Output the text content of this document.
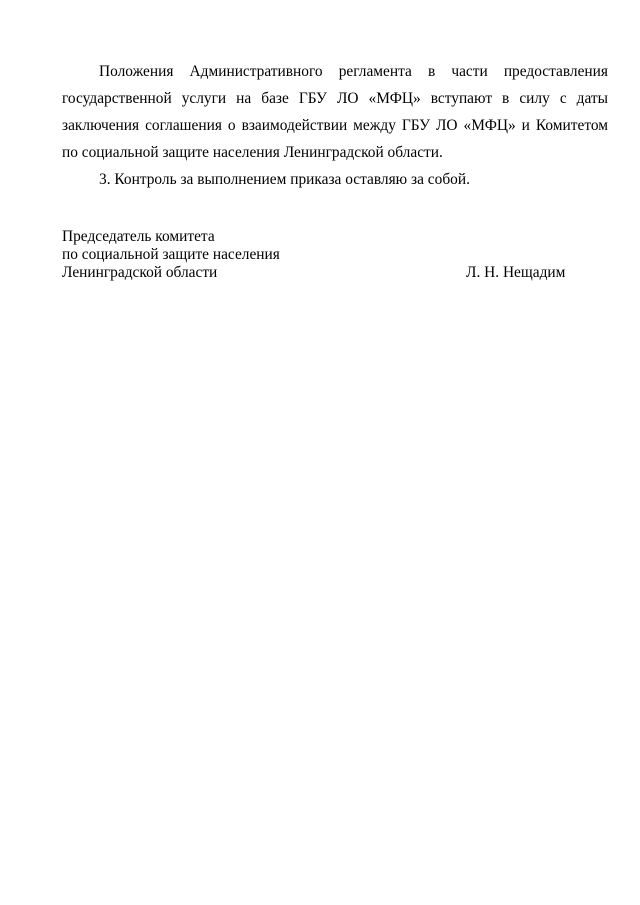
Положения Административного регламента в части предоставления государственной услуги на базе ГБУ ЛО «МФЦ» вступают в силу с даты заключения соглашения о взаимодействии между ГБУ ЛО «МФЦ» и Комитетом по социальной защите населения Ленинградской области.

3. Контроль за выполнением приказа оставляю за собой.

Председатель комитета
по социальной защите населения
Ленинградской области	Л. Н. Нещадим
